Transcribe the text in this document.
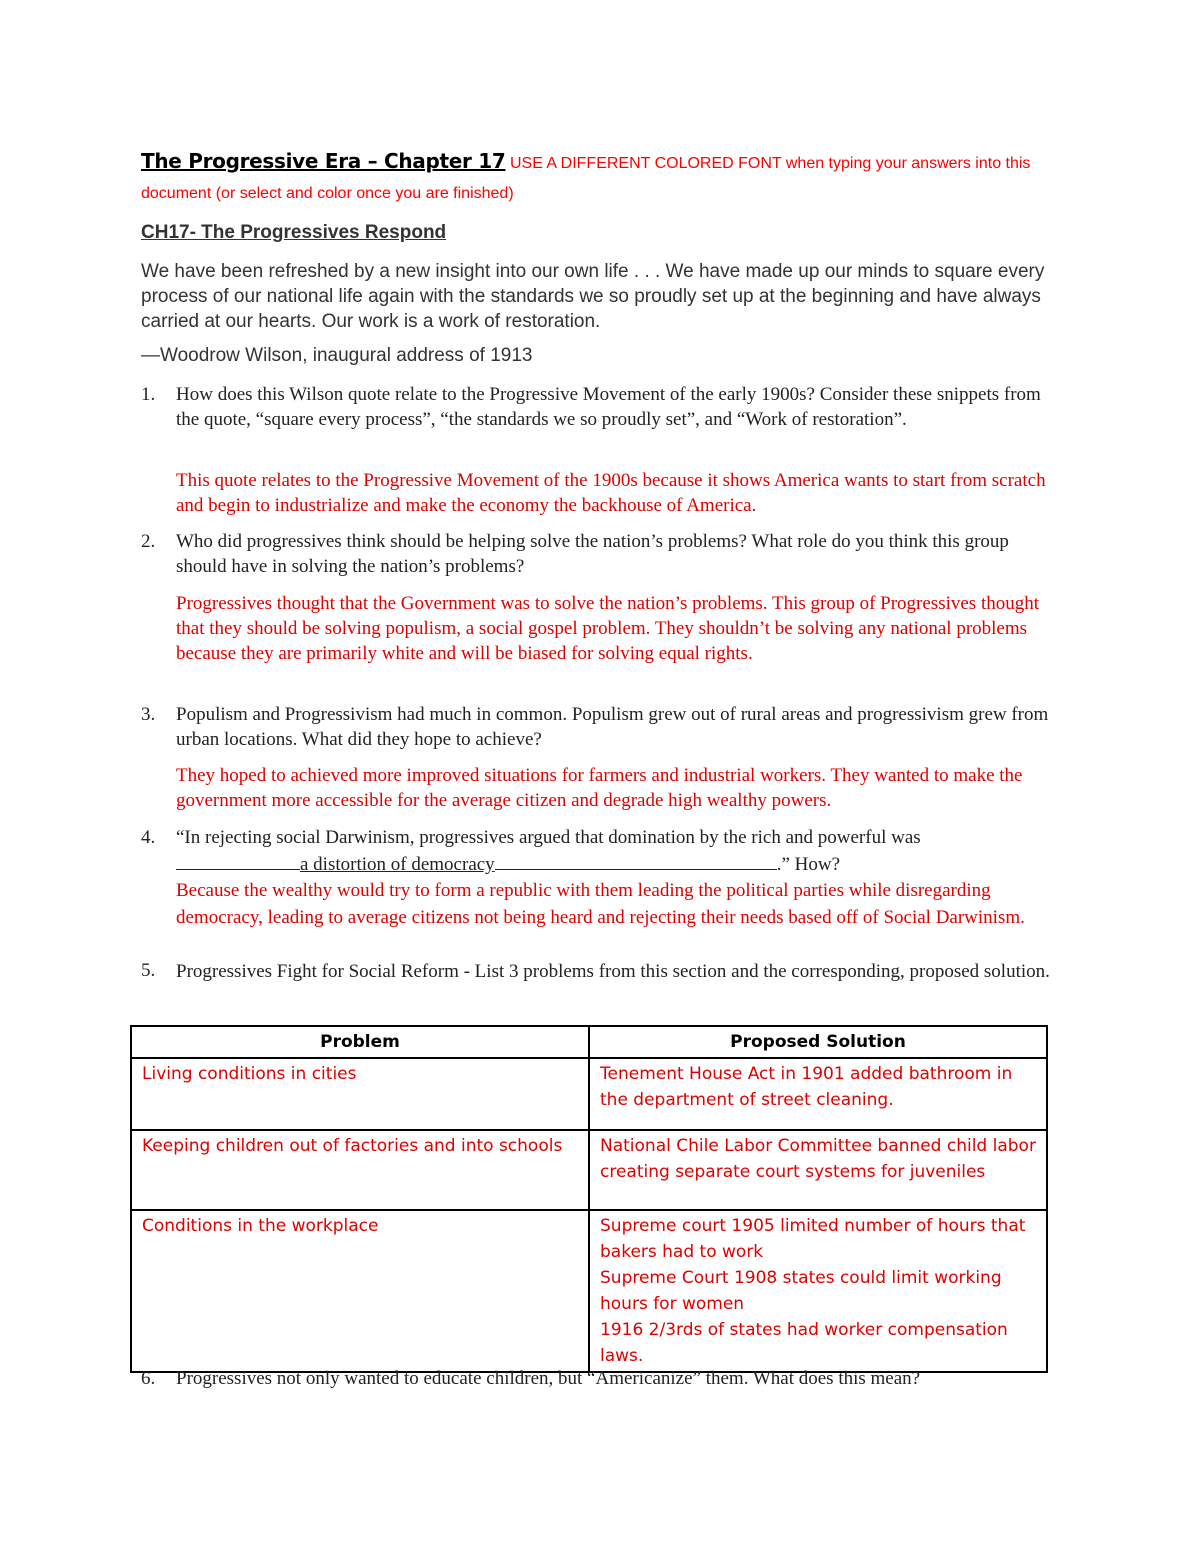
The Progressive Era – Chapter 17 USE A DIFFERENT COLORED FONT when typing your answers into this document (or select and color once you are finished)
CH17- The Progressives Respond
We have been refreshed by a new insight into our own life . . . We have made up our minds to square every process of our national life again with the standards we so proudly set up at the beginning and have always carried at our hearts. Our work is a work of restoration.
—Woodrow Wilson, inaugural address of 1913
1. How does this Wilson quote relate to the Progressive Movement of the early 1900s? Consider these snippets from the quote, “square every process”, “the standards we so proudly set”, and “Work of restoration”.
This quote relates to the Progressive Movement of the 1900s because it shows America wants to start from scratch and begin to industrialize and make the economy the backhouse of America.
2. Who did progressives think should be helping solve the nation’s problems? What role do you think this group should have in solving the nation’s problems?
Progressives thought that the Government was to solve the nation’s problems. This group of Progressives thought that they should be solving populism, a social gospel problem. They shouldn’t be solving any national problems because they are primarily white and will be biased for solving equal rights.
3. Populism and Progressivism had much in common. Populism grew out of rural areas and progressivism grew from urban locations. What did they hope to achieve?
They hoped to achieved more improved situations for farmers and industrial workers. They wanted to make the government more accessible for the average citizen and degrade high wealthy powers.
4. “In rejecting social Darwinism, progressives argued that domination by the rich and powerful was
a distortion of democracy	.” How?
Because the wealthy would try to form a republic with them leading the political parties while disregarding democracy, leading to average citizens not being heard and rejecting their needs based off of Social Darwinism.
5. Progressives Fight for Social Reform - List 3 problems from this section and the corresponding, proposed solution.
Problem	Proposed Solution
Living conditions in cities	Tenement House Act in 1901 added bathroom in the department of street cleaning.

Keeping children out of factories and into schools	National Chile Labor Committee banned child labor creating separate court systems for juveniles

Conditions in the workplace	Supreme court 1905 limited number of hours that bakers had to work
Supreme Court 1908 states could limit working hours for women
1916 2/3rds of states had worker compensation laws.
6. Progressives not only wanted to educate children, but “Americanize” them. What does this mean?
